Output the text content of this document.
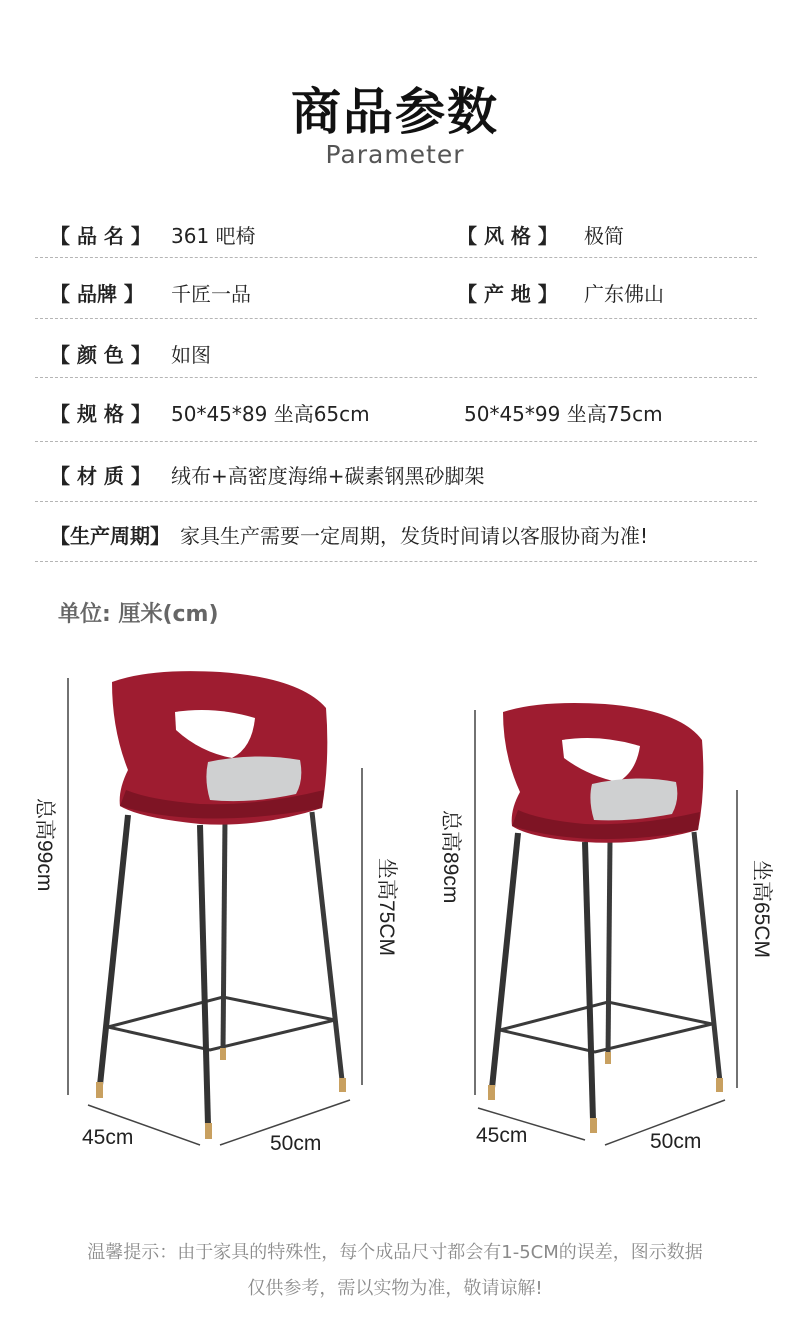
商品参数
Parameter
【 品 名 】 361 吧椅	【 风 格 】 极简
【 品牌 】 千匠一品	【 产 地 】 广东佛山
【 颜 色 】 如图
【 规 格 】 50*45*89 坐高65cm	50*45*99 坐高75cm
【 材 质 】 绒布+高密度海绵+碳素钢黑砂脚架
【生产周期】 家具生产需要一定周期，发货时间请以客服协商为准!
单位: 厘米(cm)
总高99cm
坐高75CM
45cm	50cm
总高89cm
坐高65CM
45cm	50cm
温馨提示：由于家具的特殊性，每个成品尺寸都会有1-5CM的误差，图示数据
仅供参考，需以实物为准，敬请谅解!
